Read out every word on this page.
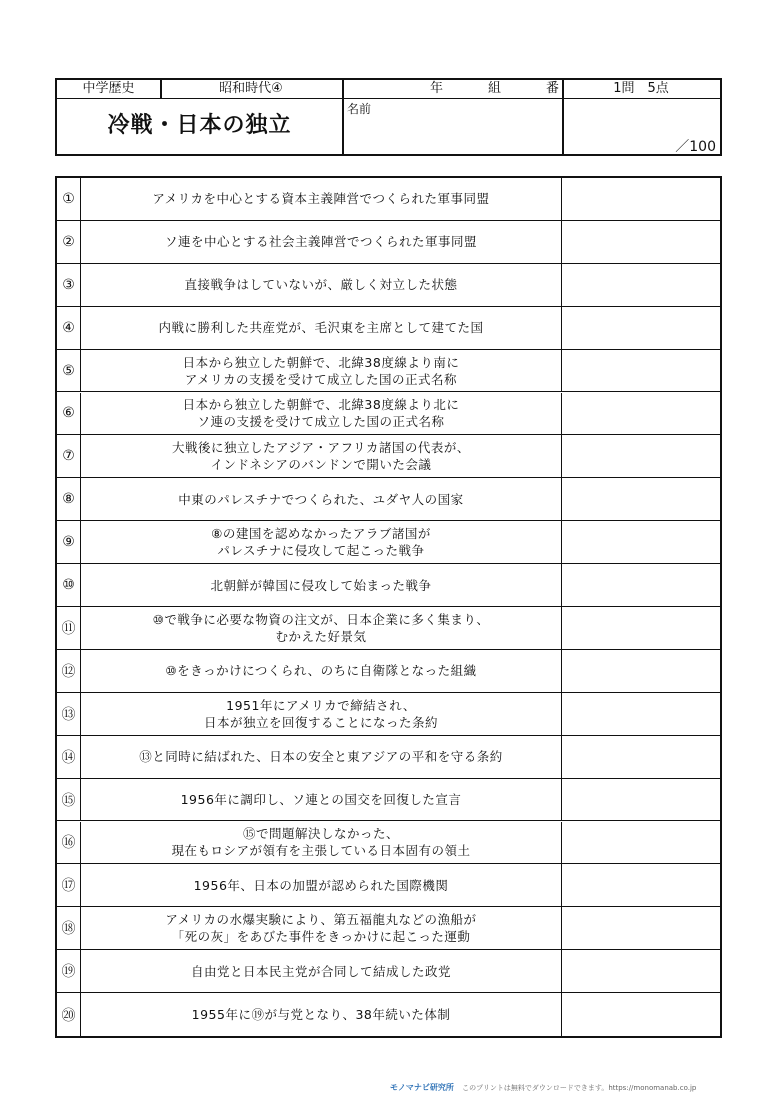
中学歴史	昭和時代④
冷戦・日本の独立
年	組	番
名前
1問　5点
／100
①	アメリカを中心とする資本主義陣営でつくられた軍事同盟
②	ソ連を中心とする社会主義陣営でつくられた軍事同盟
③	直接戦争はしていないが、厳しく対立した状態
④	内戦に勝利した共産党が、毛沢東を主席として建てた国
⑤
日本から独立した朝鮮で、北緯38度線より南に
アメリカの支援を受けて成立した国の正式名称
⑥
日本から独立した朝鮮で、北緯38度線より北に
ソ連の支援を受けて成立した国の正式名称
⑦
大戦後に独立したアジア・アフリカ諸国の代表が、
インドネシアのバンドンで開いた会議
⑧	中東のパレスチナでつくられた、ユダヤ人の国家
⑨
⑧の建国を認めなかったアラブ諸国が
パレスチナに侵攻して起こった戦争
⑩	北朝鮮が韓国に侵攻して始まった戦争
⑪
⑩で戦争に必要な物資の注文が、日本企業に多く集まり、
むかえた好景気
⑫	⑩をきっかけにつくられ、のちに自衛隊となった組織
⑬
1951年にアメリカで締結され、
日本が独立を回復することになった条約
⑭	⑬と同時に結ばれた、日本の安全と東アジアの平和を守る条約
⑮	1956年に調印し、ソ連との国交を回復した宣言
⑯
⑮で問題解決しなかった、
現在もロシアが領有を主張している日本固有の領土
⑰	1956年、日本の加盟が認められた国際機関
⑱
アメリカの水爆実験により、第五福龍丸などの漁船が
「死の灰」をあびた事件をきっかけに起こった運動
⑲	自由党と日本民主党が合同して結成した政党
⑳	1955年に⑲が与党となり、38年続いた体制
モノマナビ研究所 このプリントは無料でダウンロードできます。https://monomanab.co.jp
